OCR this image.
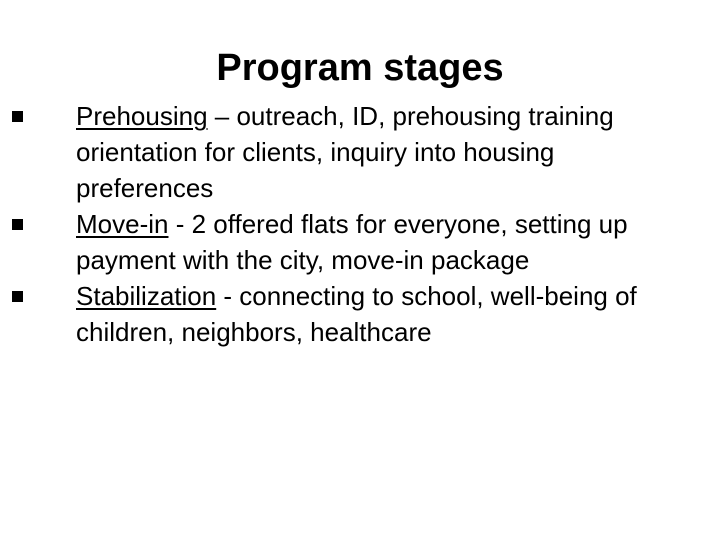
Program stages
Prehousing – outreach, ID, prehousing training orientation for clients, inquiry into housing preferences
Move-in - 2 offered flats for everyone, setting up payment with the city, move-in package
Stabilization - connecting to school, well-being of children, neighbors, healthcare
